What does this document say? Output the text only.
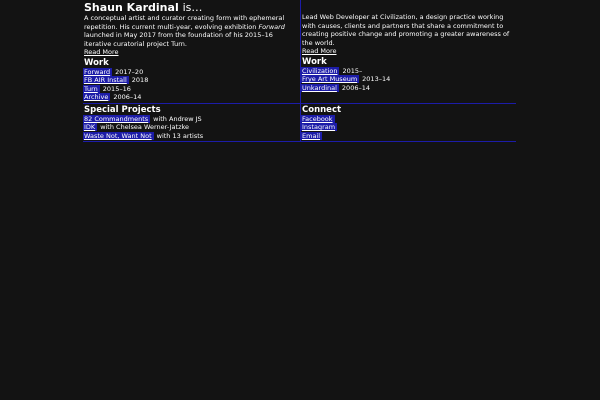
Shaun Kardinal is…

A conceptual artist and curator creating form with ephemeral repetition. His current multi-year, evolving exhibition Forward launched in May 2017 from the foundation of his 2015–16 iterative curatorial project Turn.

Read More
Work
Forward 2017–20
FB AIR Install 2018
Turn 2015–16
Archive 2006–14

Lead Web Developer at Civilization, a design practice working with causes, clients and partners that share a commitment to creating positive change and promoting a greater awareness of the world.

Read More
Work
Civilization 2015–
Frye Art Museum 2013–14
Unkardinal 2006–14
Special Projects
82 Commandments with Andrew JS
IDK with Chelsea Werner-Jatzke
Waste Not, Want Not with 13 artists
Connect
Facebook
Instagram
Email
